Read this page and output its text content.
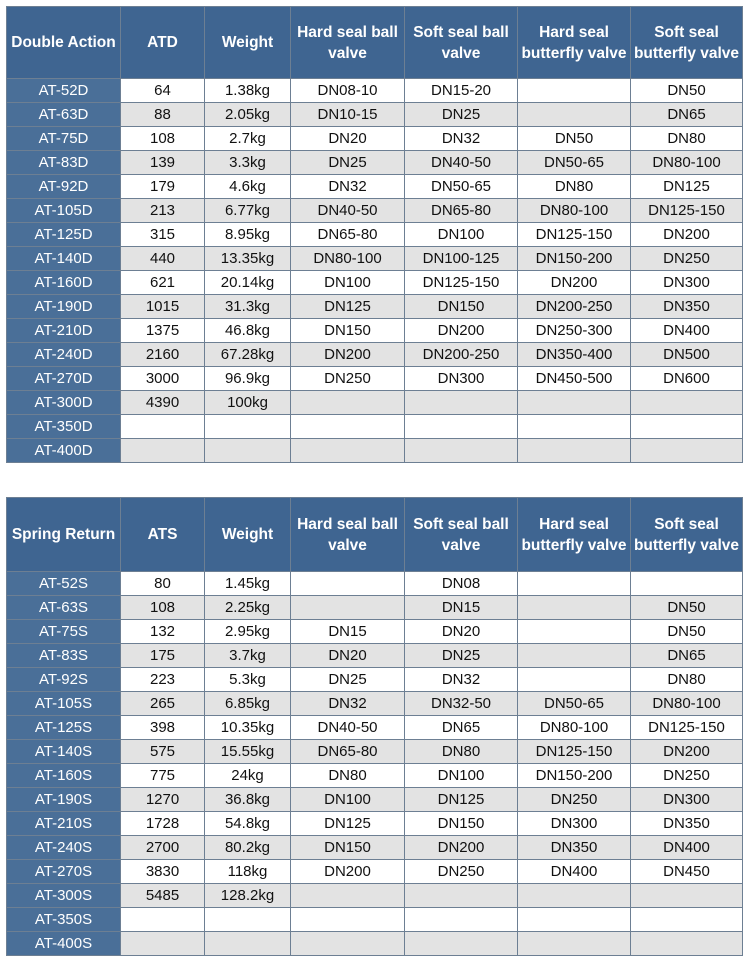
Double Action	ATD	Weight	Hard seal ball valve	Soft seal ball valve	Hard seal butterfly valve	Soft seal butterfly valve
AT-52D	64	1.38kg	DN08-10	DN15-20		DN50
AT-63D	88	2.05kg	DN10-15	DN25		DN65
AT-75D	108	2.7kg	DN20	DN32	DN50	DN80
AT-83D	139	3.3kg	DN25	DN40-50	DN50-65	DN80-100
AT-92D	179	4.6kg	DN32	DN50-65	DN80	DN125
AT-105D	213	6.77kg	DN40-50	DN65-80	DN80-100	DN125-150
AT-125D	315	8.95kg	DN65-80	DN100	DN125-150	DN200
AT-140D	440	13.35kg	DN80-100	DN100-125	DN150-200	DN250
AT-160D	621	20.14kg	DN100	DN125-150	DN200	DN300
AT-190D	1015	31.3kg	DN125	DN150	DN200-250	DN350
AT-210D	1375	46.8kg	DN150	DN200	DN250-300	DN400
AT-240D	2160	67.28kg	DN200	DN200-250	DN350-400	DN500
AT-270D	3000	96.9kg	DN250	DN300	DN450-500	DN600
AT-300D	4390	100kg				
AT-350D						
AT-400D						
Spring Return	ATS	Weight	Hard seal ball valve	Soft seal ball valve	Hard seal butterfly valve	Soft seal butterfly valve
AT-52S	80	1.45kg		DN08		
AT-63S	108	2.25kg		DN15		DN50
AT-75S	132	2.95kg	DN15	DN20		DN50
AT-83S	175	3.7kg	DN20	DN25		DN65
AT-92S	223	5.3kg	DN25	DN32		DN80
AT-105S	265	6.85kg	DN32	DN32-50	DN50-65	DN80-100
AT-125S	398	10.35kg	DN40-50	DN65	DN80-100	DN125-150
AT-140S	575	15.55kg	DN65-80	DN80	DN125-150	DN200
AT-160S	775	24kg	DN80	DN100	DN150-200	DN250
AT-190S	1270	36.8kg	DN100	DN125	DN250	DN300
AT-210S	1728	54.8kg	DN125	DN150	DN300	DN350
AT-240S	2700	80.2kg	DN150	DN200	DN350	DN400
AT-270S	3830	118kg	DN200	DN250	DN400	DN450
AT-300S	5485	128.2kg				
AT-350S						
AT-400S						
